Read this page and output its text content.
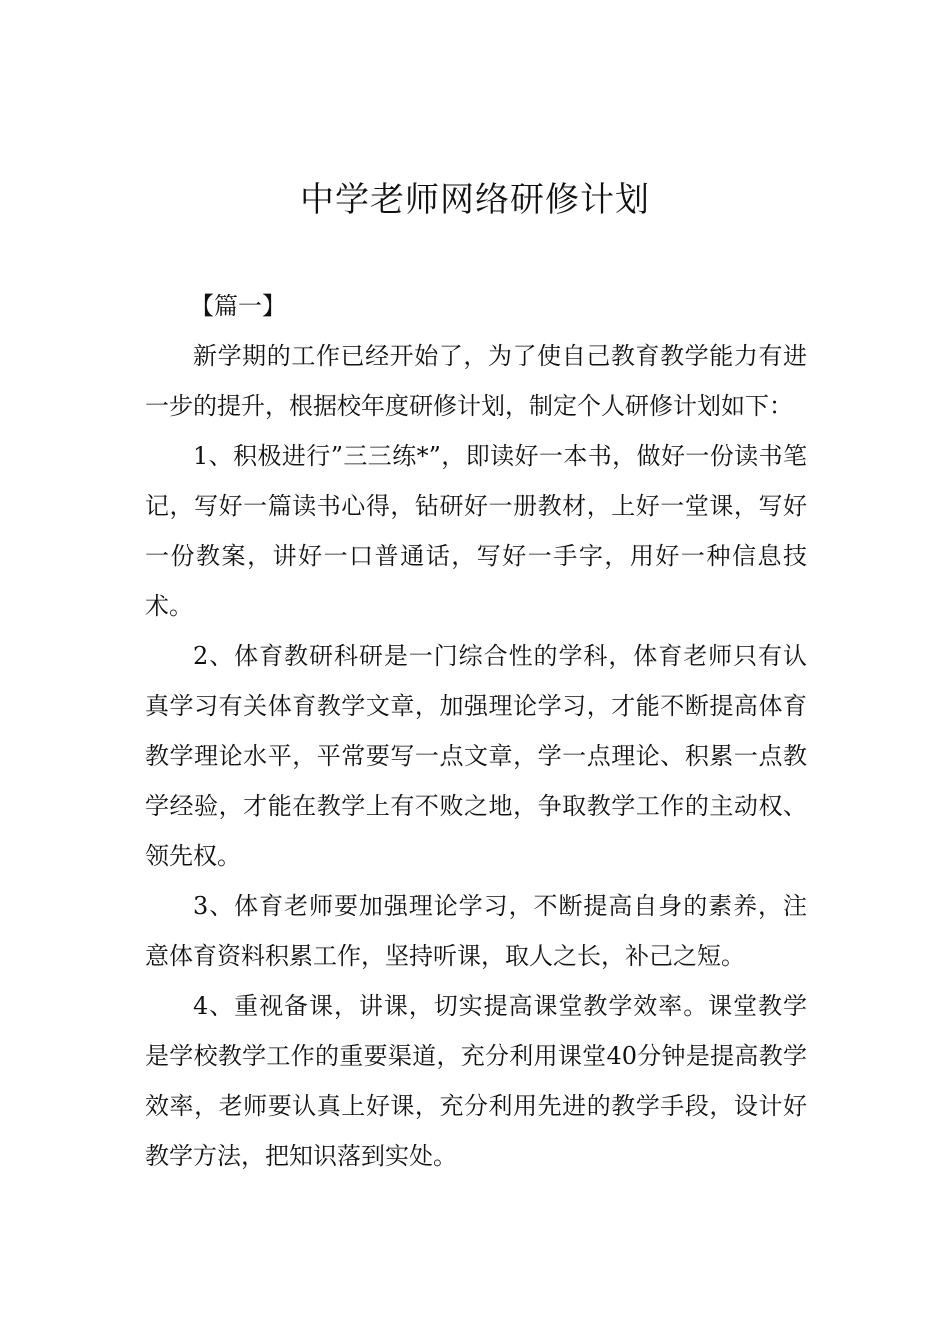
中学老师网络研修计划

【篇一】

新学期的工作已经开始了，为了使自己教育教学能力有进一步的提升，根据校年度研修计划，制定个人研修计划如下：

1、积极进行”三三练*”，即读好一本书，做好一份读书笔记，写好一篇读书心得，钻研好一册教材，上好一堂课，写好一份教案，讲好一口普通话，写好一手字，用好一种信息技术。

2、体育教研科研是一门综合性的学科，体育老师只有认真学习有关体育教学文章，加强理论学习，才能不断提高体育教学理论水平，平常要写一点文章，学一点理论、积累一点教学经验，才能在教学上有不败之地，争取教学工作的主动权、领先权。

3、体育老师要加强理论学习，不断提高自身的素养，注意体育资料积累工作，坚持听课，取人之长，补己之短。

4、重视备课，讲课，切实提高课堂教学效率。课堂教学是学校教学工作的重要渠道，充分利用课堂40分钟是提高教学效率，老师要认真上好课，充分利用先进的教学手段，设计好教学方法，把知识落到实处。
